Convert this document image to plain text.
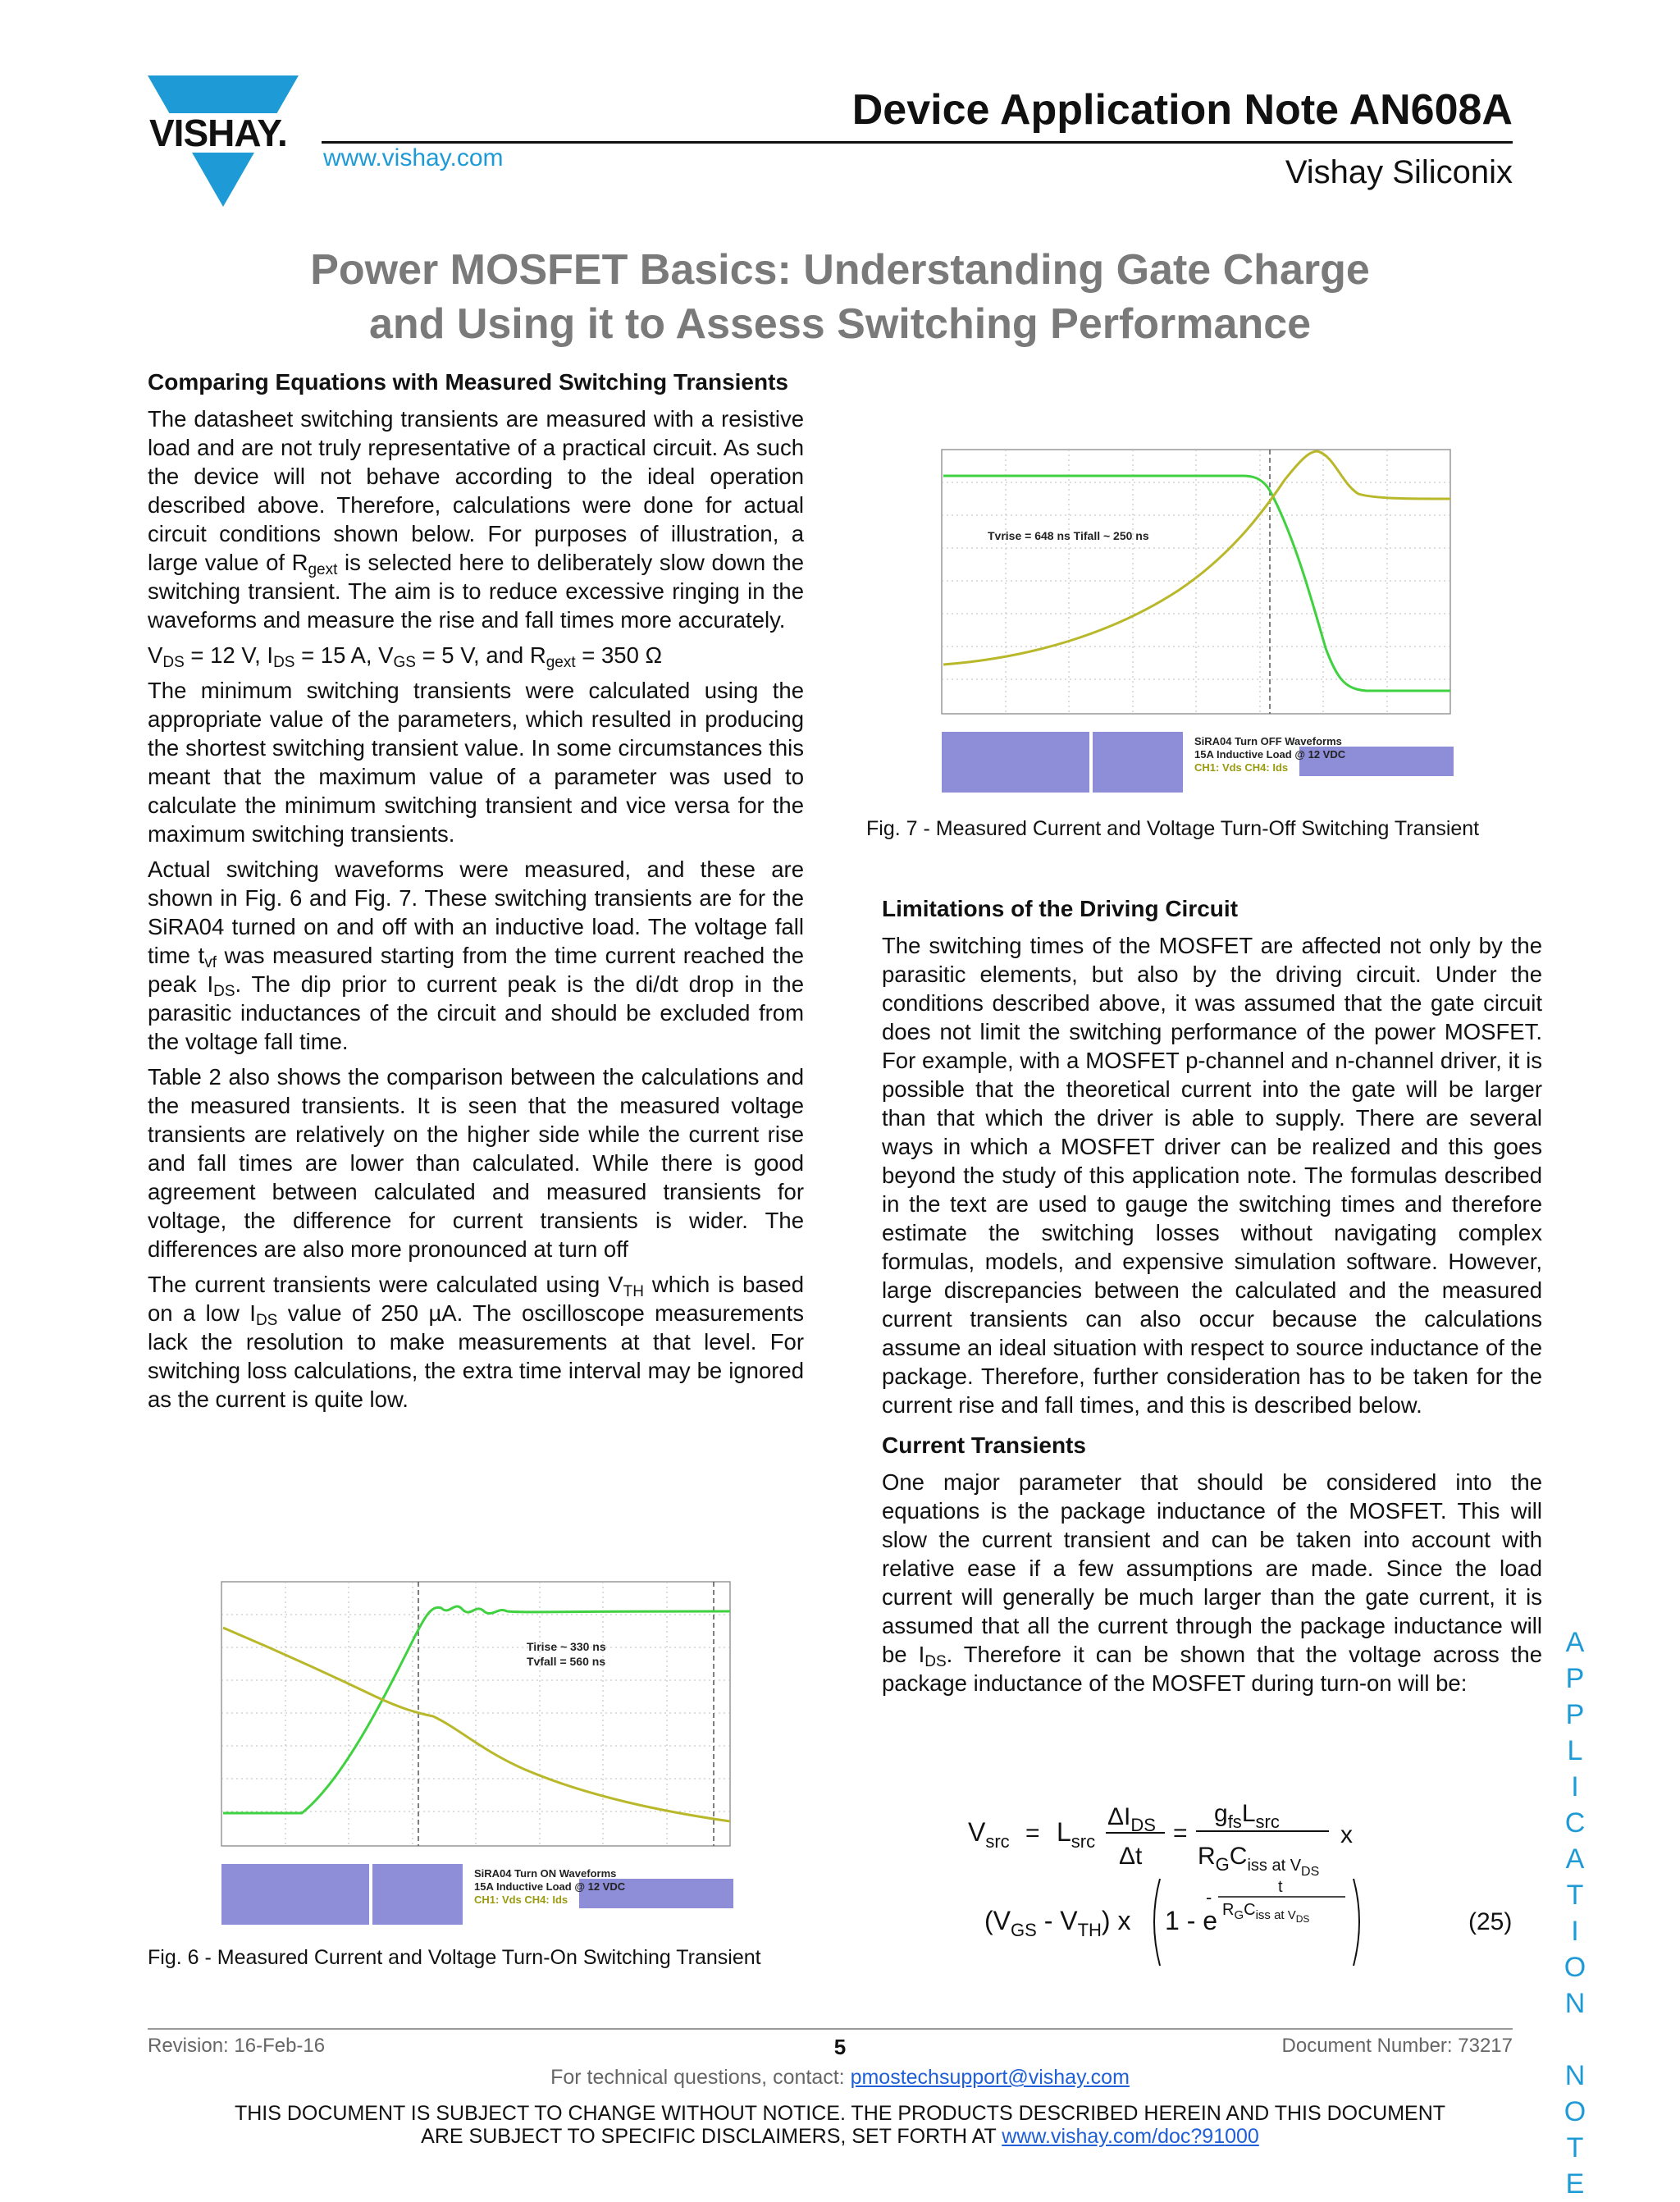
VISHAY.	Device Application Note AN608A
www.vishay.com	Vishay Siliconix
Power MOSFET Basics: Understanding Gate Charge
and Using it to Assess Switching Performance
Comparing Equations with Measured Switching Transients

The datasheet switching transients are measured with a resistive load and are not truly representative of a practical circuit. As such the device will not behave according to the ideal operation described above. Therefore, calculations were done for actual circuit conditions shown below. For purposes of illustration, a large value of $R_{gext}$ is selected here to deliberately slow down the switching transient. The aim is to reduce excessive ringing in the waveforms and measure the rise and fall times more accurately.

$V_{DS} = 12$ V, $I_{DS} = 15$ A, $V_{GS} = 5$ V, and $R_{gext} = 350$ Ω

The minimum switching transients were calculated using the appropriate value of the parameters, which resulted in producing the shortest switching transient value. In some circumstances this meant that the maximum value of a parameter was used to calculate the minimum switching transient and vice versa for the maximum switching transients.

Actual switching waveforms were measured, and these are shown in Fig. 6 and Fig. 7. These switching transients are for the SiRA04 turned on and off with an inductive load. The voltage fall time $t_{vf}$ was measured starting from the time current reached the peak $I_{DS}$. The dip prior to current peak is the di/dt drop in the parasitic inductances of the circuit and should be excluded from the voltage fall time.

Table 2 also shows the comparison between the calculations and the measured transients. It is seen that the measured voltage transients are relatively on the higher side while the current rise and fall times are lower than calculated. While there is good agreement between calculated and measured transients for voltage, the difference for current transients is wider. The differences are also more pronounced at turn off

The current transients were calculated using $V_{TH}$ which is based on a low $I_{DS}$ value of 250 µA. The oscilloscope measurements lack the resolution to make measurements at that level. For switching loss calculations, the extra time interval may be ignored as the current is quite low.

Tvrise = 648 ns Tifall ~ 250 ns
SiRA04 Turn OFF Waveforms
15A Inductive Load @ 12 VDC
CH1: Vds CH4: Ids
Fig. 7 - Measured Current and Voltage Turn-Off Switching Transient
Limitations of the Driving Circuit

The switching times of the MOSFET are affected not only by the parasitic elements, but also by the driving circuit. Under the conditions described above, it was assumed that the gate circuit does not limit the switching performance of the power MOSFET. For example, with a MOSFET p-channel and n-channel driver, it is possible that the theoretical current into the gate will be larger than that which the driver is able to supply. There are several ways in which a MOSFET driver can be realized and this goes beyond the study of this application note. The formulas described in the text are used to gauge the switching times and therefore estimate the switching losses without navigating complex formulas, models, and expensive simulation software. However, large discrepancies between the calculated and the measured current transients can also occur because the calculations assume an ideal situation with respect to source inductance of the package. Therefore, further consideration has to be taken for the current rise and fall times, and this is described below.

Current Transients

One major parameter that should be considered into the equations is the package inductance of the MOSFET. This will slow the current transient and can be taken into account with relative ease if a few assumptions are made. Since the load current will generally be much larger than the gate current, it is assumed that all the current through the package inductance will be $I_{DS}$. Therefore it can be shown that the voltage across the package inductance of the MOSFET during turn-on will be:

$V_{src} = L_{src}$
$\Delta I_{DS}$
Δt
=
$g_{fs}L_{src}$
$R_GC_{iss at VDS}$
x
$(V_{GS} - V_{TH})$ x 1 - e
-	t
$R_GC_{iss at VDS}$	(25)
Tirise ~ 330 ns
Tvfall = 560 ns
SiRA04 Turn ON Waveforms
15A Inductive Load @ 12 VDC
CH1: Vds CH4: Ids
Fig. 6 - Measured Current and Voltage Turn-On Switching Transient
A
P
P
L
I
C
A
T
I
O
N

N
O
T
E
Revision: 16-Feb-16	5	Document Number: 73217
For technical questions, contact: pmostechsupport@vishay.com
THIS DOCUMENT IS SUBJECT TO CHANGE WITHOUT NOTICE. THE PRODUCTS DESCRIBED HEREIN AND THIS DOCUMENT
ARE SUBJECT TO SPECIFIC DISCLAIMERS, SET FORTH AT www.vishay.com/doc?91000
